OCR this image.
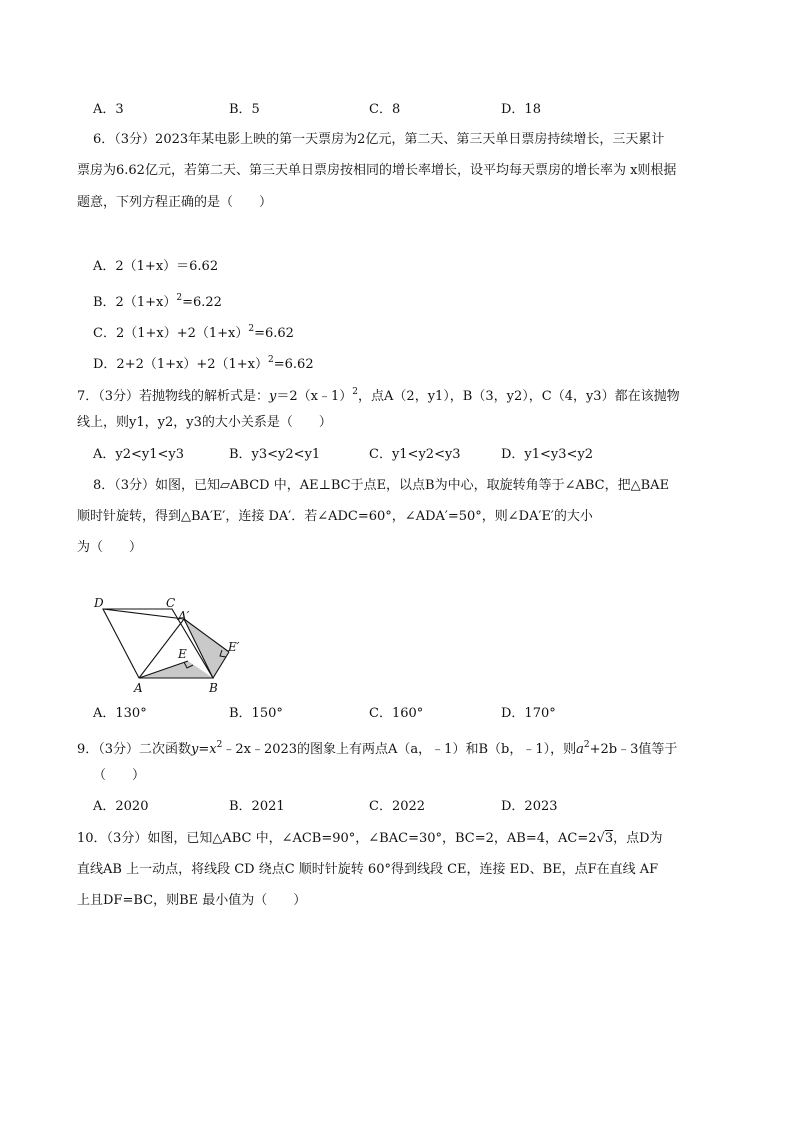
A．3	B．5	C．8	D．18
6．（3分）2023年某电影上映的第一天票房为2亿元，第二天、第三天单日票房持续增长，三天累计
票房为6.62亿元，若第二天、第三天单日票房按相同的增长率增长，设平均每天票房的增长率为 x则根据
题意，下列方程正确的是（　　）
A．2（1+x）＝6.62
B．$2(1+x)^2=6.22$
C．$2(1+x)+2(1+x)^2=6.62$
D．$2+2(1+x)+2(1+x)^2=6.62$
7．（3分）若抛物线的解析式是：y＝2（x﹣1）$^2$，点A（2，y1），B（3，y2），C（4，y3）都在该抛物
线上，则y1，y2，y3的大小关系是（　　）
A．y2<y1<y3	B．y3<y2<y1	C．y1<y2<y3	D．y1<y3<y2
8．（3分）如图，已知▱ABCD 中，AE⊥BC于点E，以点B为中心，取旋转角等于∠ABC，把△BAE
顺时针旋转，得到△BA′E′，连接 DA′．若∠ADC=60°，∠ADA′=50°，则∠DA′E′的大小
为（　　）
D	C
A′
E′
E
A	B
A．130°	B．150°	C．160°	D．170°
9．（3分）二次函数$y=x^2﹣2x﹣2023$的图象上有两点A（a，﹣1）和B（b，﹣1），则$a^2+2b﹣3$值等于
（　　）
A．2020	B．2021	C．2022	D．2023
10．（3分）如图，已知△ABC 中，∠ACB=90°，∠BAC=30°，BC=2，AB=4，AC=2√3，点D为
直线AB 上一动点，将线段 CD 绕点C 顺时针旋转 60°得到线段 CE，连接 ED、BE，点F在直线 AF
上且DF=BC，则BE 最小值为（　　）
